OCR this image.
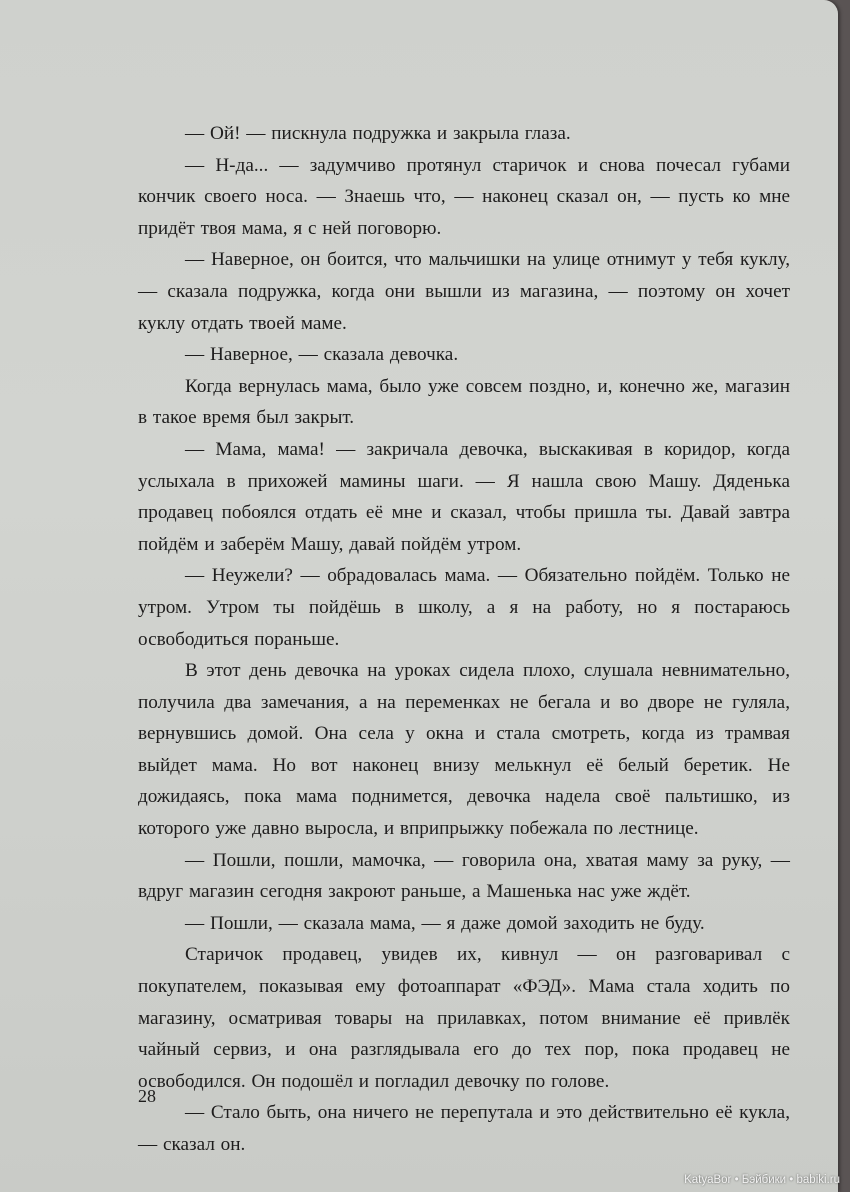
— Ой! — пискнула подружка и закрыла глаза.

— Н-да... — задумчиво протянул старичок и снова почесал губами кончик своего носа. — Знаешь что, — наконец сказал он, — пусть ко мне придёт твоя мама, я с ней поговорю.

— Наверное, он боится, что мальчишки на улице отнимут у тебя куклу, — сказала подружка, когда они вышли из магазина, — поэтому он хочет куклу отдать твоей маме.

— Наверное, — сказала девочка.

Когда вернулась мама, было уже совсем поздно, и, конечно же, магазин в такое время был закрыт.

— Мама, мама! — закричала девочка, выскакивая в коридор, когда услыхала в прихожей мамины шаги. — Я нашла свою Машу. Дяденька продавец побоялся отдать её мне и сказал, чтобы пришла ты. Давай завтра пойдём и заберём Машу, давай пойдём утром.

— Неужели? — обрадовалась мама. — Обязательно пойдём. Только не утром. Утром ты пойдёшь в школу, а я на работу, но я постараюсь освободиться пораньше.

В этот день девочка на уроках сидела плохо, слушала невнимательно, получила два замечания, а на переменках не бегала и во дворе не гуляла, вернувшись домой. Она села у окна и стала смотреть, когда из трамвая выйдет мама. Но вот наконец внизу мелькнул её белый беретик. Не дожидаясь, пока мама поднимется, девочка надела своё пальтишко, из которого уже давно выросла, и вприпрыжку побежала по лестнице.

— Пошли, пошли, мамочка, — говорила она, хватая маму за руку, — вдруг магазин сегодня закроют раньше, а Машенька нас уже ждёт.

— Пошли, — сказала мама, — я даже домой заходить не буду.

Старичок продавец, увидев их, кивнул — он разговаривал с покупателем, показывая ему фотоаппарат «ФЭД». Мама стала ходить по магазину, осматривая товары на прилавках, потом внимание её привлёк чайный сервиз, и она разглядывала его до тех пор, пока продавец не освободился. Он подошёл и погладил девочку по голове.

— Стало быть, она ничего не перепутала и это действительно её кукла, — сказал он.

28
KatyaBor • Бэйбики • babiki.ru
